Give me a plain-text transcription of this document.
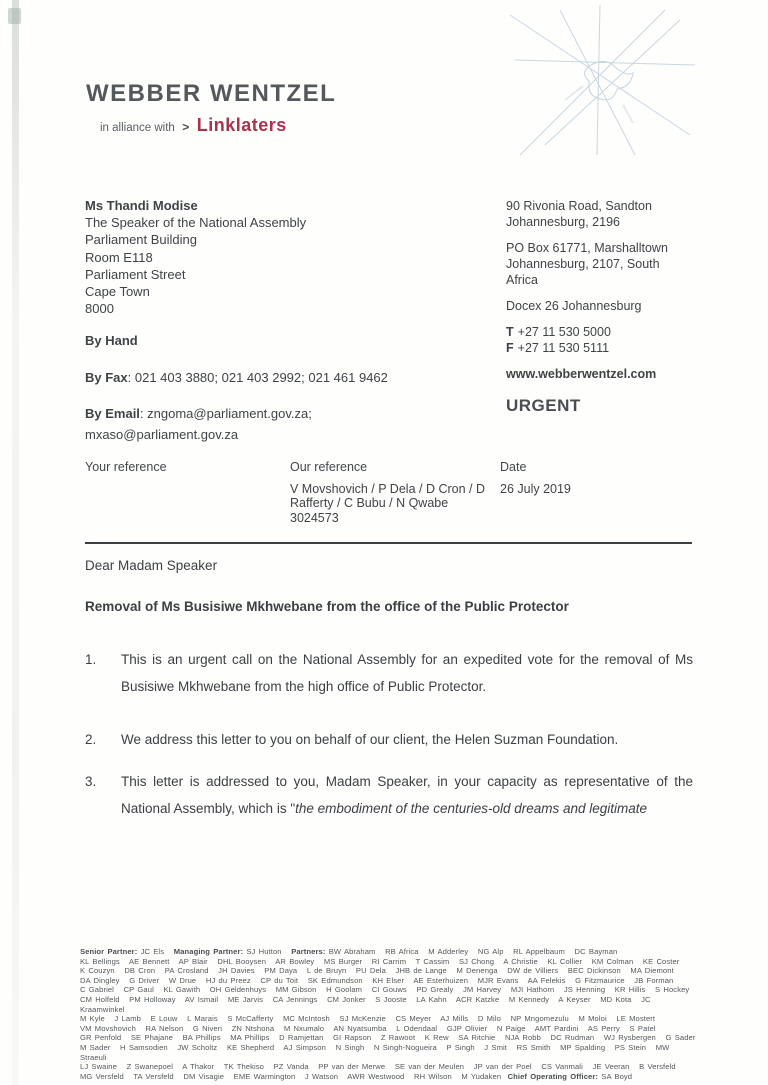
WEBBER WENTZEL
in alliance with > Linklaters
Ms Thandi Modise
The Speaker of the National Assembly
Parliament Building
Room E118
Parliament Street
Cape Town
8000
90 Rivonia Road, Sandton
Johannesburg, 2196
PO Box 61771, Marshalltown
Johannesburg, 2107, South
Africa
Docex 26 Johannesburg
T +27 11 530 5000
F +27 11 530 5111
www.webberwentzel.com
URGENT
By Hand
By Fax: 021 403 3880; 021 403 2992; 021 461 9462
By Email: zngoma@parliament.gov.za; mxaso@parliament.gov.za
Your reference	Our reference
V Movshovich / P Dela / D Cron / D
Rafferty / C Bubu / N Qwabe
3024573
Date
26 July 2019
Dear Madam Speaker
Removal of Ms Busisiwe Mkhwebane from the office of the Public Protector
1. This is an urgent call on the National Assembly for an expedited vote for the removal of Ms Busisiwe Mkhwebane from the high office of Public Protector.
2. We address this letter to you on behalf of our client, the Helen Suzman Foundation.
3. This letter is addressed to you, Madam Speaker, in your capacity as representative of the National Assembly, which is "the embodiment of the centuries-old dreams and legitimate
Senior Partner: JC Els Managing Partner: SJ Hutton Partners: BW Abraham   RB Africa   M Adderley   NG Alp   RL Appelbaum   DC Bayman
KL Bellings   AE Bennett   AP Blair   DHL Booysen   AR Bowley   MS Burger   RI Carrim   T Cassim   SJ Chong   A Christie   KL Collier   KM Colman   KE Coster
K Couzyn   DB Cron   PA Crosland   JH Davies   PM Daya   L de Bruyn   PU Dela   JHB de Lange   M Denenga   DW de Villiers   BEC Dickinson   MA Diemont
DA Dingley   G Driver   W Drue   HJ du Preez   CP du Toit   SK Edmundson   KH Elser   AE Esterhuizen   MJR Evans   AA Felekis   G Fitzmaurice   JB Forman
C Gabriel   CP Gaul   KL Gawith   OH Geldenhuys   MM Gibson   H Goolam   CI Gouws   PD Grealy   JM Harvey   MJI Hathorn   JS Henning   KR Hillis   S Hockey
CM Holfeld   PM Holloway   AV Ismail   ME Jarvis   CA Jennings   CM Jonker   S Jooste   LA Kahn   ACR Katzke   M Kennedy   A Keyser   MD Kota   JC Kraamwinkel
M Kyle   J Lamb   E Louw   L Marais   S McCafferty   MC McIntosh   SJ McKenzie   CS Meyer   AJ Mills   D Milo   NP Mngomezulu   M Moloi   LE Mostert
VM Movshovich   RA Nelson   G Niven   ZN Ntshona   M Nxumalo   AN Nyatsumba   L Odendaal   GJP Olivier   N Paige   AMT Pardini   AS Perry   S Patel
GR Penfold   SE Phajane   BA Phillips   MA Phillips   D Ramjettan   GI Rapson   Z Rawoot   K Rew   SA Ritchie   NJA Robb   DC Rudman   WJ Rysbergen   G Sader
M Sader   H Samsodien   JW Scholtz   KE Shepherd   AJ Simpson   N Singh   N Singh-Nogueira   P Singh   J Smit   RS Smith   MP Spalding   PS Stein   MW Straeuli
LJ Swaine   Z Swanepoel   A Thakor   TK Thekiso   PZ Vanda   PP van der Merwe   SE van der Meulen   JP van der Poel   CS Vanmali   JE Veeran   B Versfeld
MG Versfeld   TA Versfeld   DM Visagie   EME Warmington   J Watson   AWR Westwood   RH Wilson   M Yudaken Chief Operating Officer: SA Boyd
